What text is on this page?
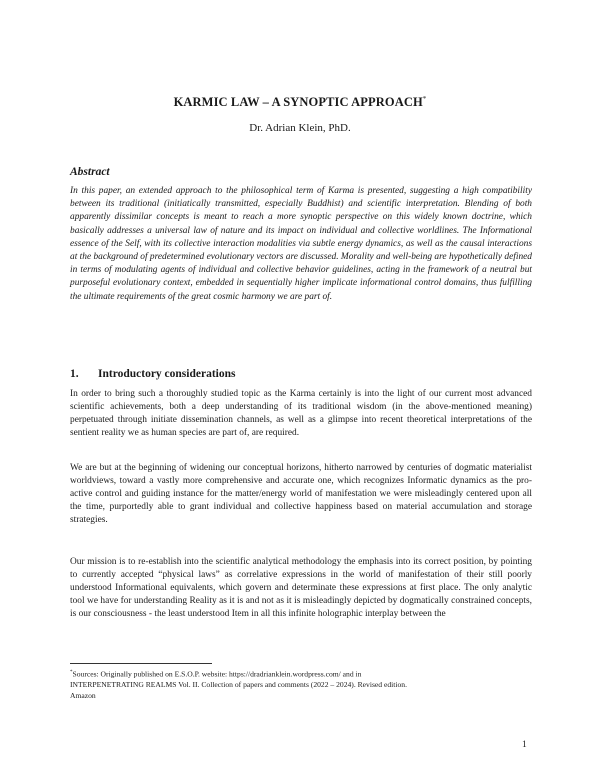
KARMIC LAW – A SYNOPTIC APPROACH*
Dr. Adrian Klein, PhD.
Abstract
In this paper, an extended approach to the philosophical term of Karma is presented, suggesting a high compatibility between its traditional (initiatically transmitted, especially Buddhist) and scientific interpretation. Blending of both apparently dissimilar concepts is meant to reach a more synoptic perspective on this widely known doctrine, which basically addresses a universal law of nature and its impact on individual and collective worldlines. The Informational essence of the Self, with its collective interaction modalities via subtle energy dynamics, as well as the causal interactions at the background of predetermined evolutionary vectors are discussed. Morality and well-being are hypothetically defined in terms of modulating agents of individual and collective behavior guidelines, acting in the framework of a neutral but purposeful evolutionary context, embedded in sequentially higher implicate informational control domains, thus fulfilling the ultimate requirements of the great cosmic harmony we are part of.
1. Introductory considerations
In order to bring such a thoroughly studied topic as the Karma certainly is into the light of our current most advanced scientific achievements, both a deep understanding of its traditional wisdom (in the above-mentioned meaning) perpetuated through initiate dissemination channels, as well as a glimpse into recent theoretical interpretations of the sentient reality we as human species are part of, are required.
We are but at the beginning of widening our conceptual horizons, hitherto narrowed by centuries of dogmatic materialist worldviews, toward a vastly more comprehensive and accurate one, which recognizes Informatic dynamics as the pro-active control and guiding instance for the matter/energy world of manifestation we were misleadingly centered upon all the time, purportedly able to grant individual and collective happiness based on material accumulation and storage strategies.
Our mission is to re-establish into the scientific analytical methodology the emphasis into its correct position, by pointing to currently accepted “physical laws” as correlative expressions in the world of manifestation of their still poorly understood Informational equivalents, which govern and determinate these expressions at first place. The only analytic tool we have for understanding Reality as it is and not as it is misleadingly depicted by dogmatically constrained concepts, is our consciousness - the least understood Item in all this infinite holographic interplay between the
*Sources: Originally published on E.S.O.P. website: https://dradrianklein.wordpress.com/ and in
INTERPENETRATING REALMS Vol. II. Collection of papers and comments (2022 – 2024). Revised edition.
Amazon
1
